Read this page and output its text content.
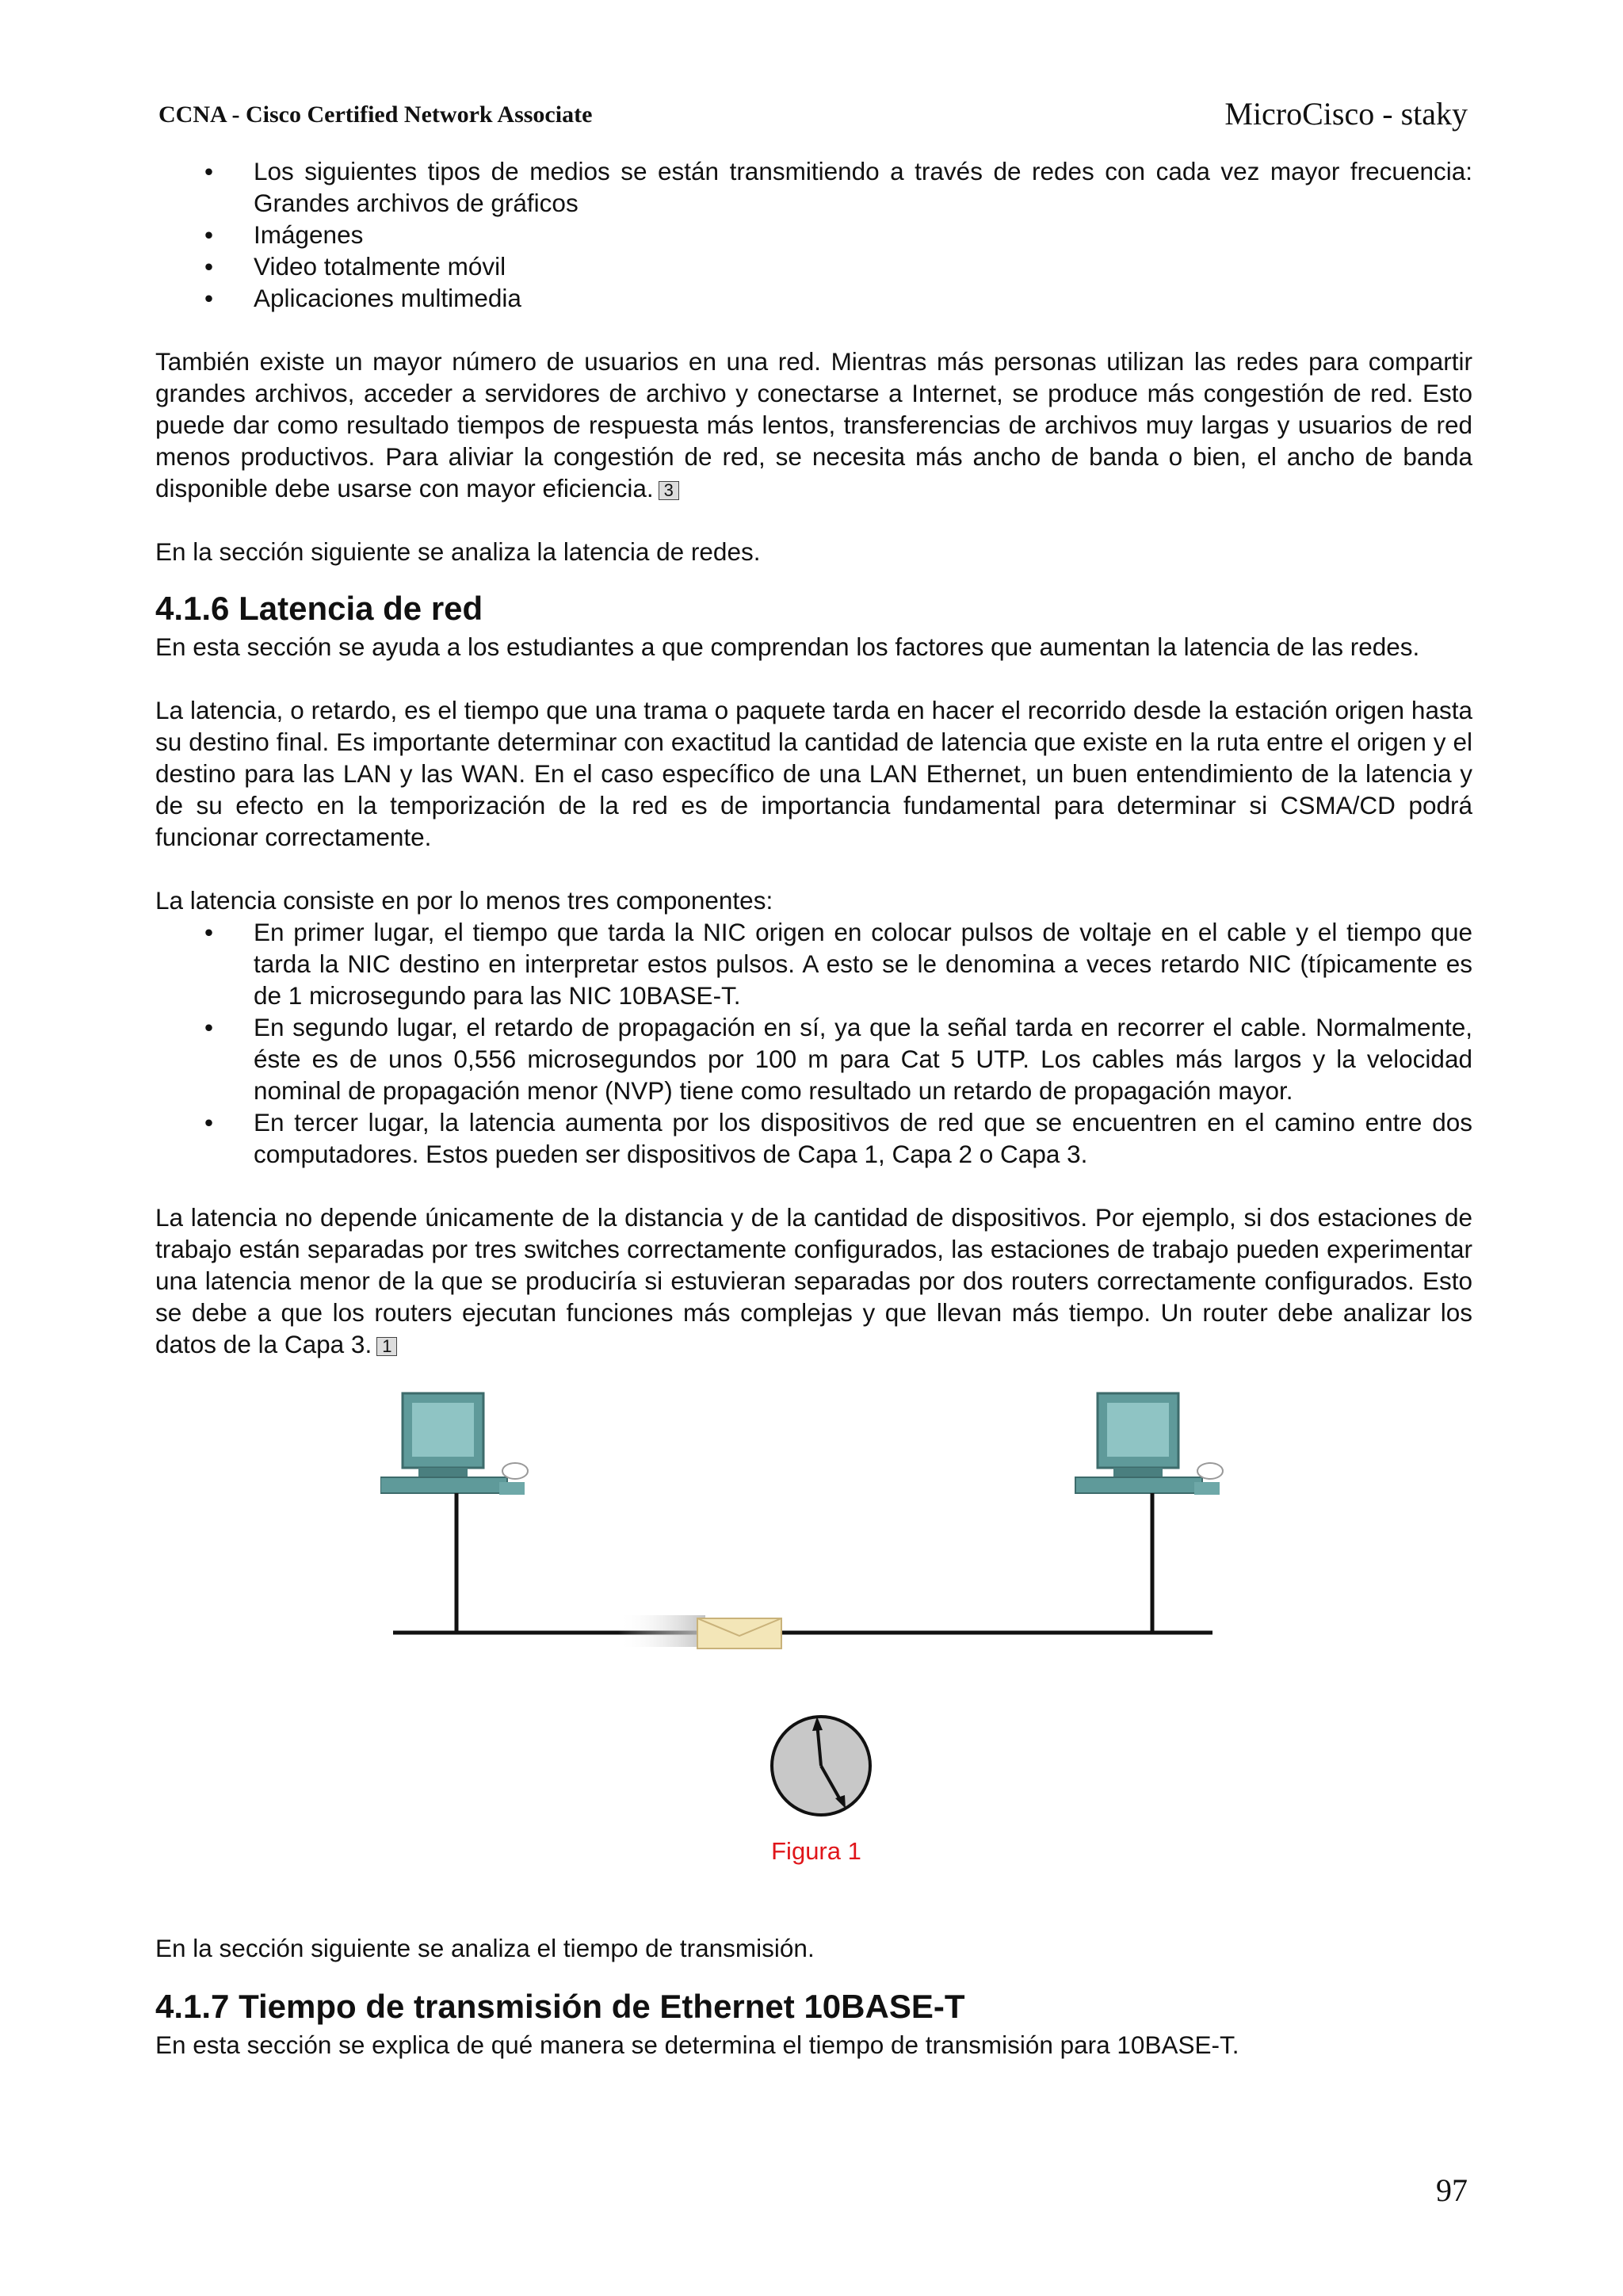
CCNA - Cisco Certified Network Associate	MicroCisco - staky
• Los siguientes tipos de medios se están transmitiendo a través de redes con cada vez mayor frecuencia: Grandes archivos de gráficos
• Imágenes
• Video totalmente móvil
• Aplicaciones multimedia

También existe un mayor número de usuarios en una red. Mientras más personas utilizan las redes para compartir grandes archivos, acceder a servidores de archivo y conectarse a Internet, se produce más congestión de red. Esto puede dar como resultado tiempos de respuesta más lentos, transferencias de archivos muy largas y usuarios de red menos productivos. Para aliviar la congestión de red, se necesita más ancho de banda o bien, el ancho de banda disponible debe usarse con mayor eficiencia. 3

En la sección siguiente se analiza la latencia de redes.

4.1.6 Latencia de red

En esta sección se ayuda a los estudiantes a que comprendan los factores que aumentan la latencia de las redes.

La latencia, o retardo, es el tiempo que una trama o paquete tarda en hacer el recorrido desde la estación origen hasta su destino final. Es importante determinar con exactitud la cantidad de latencia que existe en la ruta entre el origen y el destino para las LAN y las WAN. En el caso específico de una LAN Ethernet, un buen entendimiento de la latencia y de su efecto en la temporización de la red es de importancia fundamental para determinar si CSMA/CD podrá funcionar correctamente.

La latencia consiste en por lo menos tres componentes:

• En primer lugar, el tiempo que tarda la NIC origen en colocar pulsos de voltaje en el cable y el tiempo que tarda la NIC destino en interpretar estos pulsos. A esto se le denomina a veces retardo NIC (típicamente es de 1 microsegundo para las NIC 10BASE-T.
• En segundo lugar, el retardo de propagación en sí, ya que la señal tarda en recorrer el cable. Normalmente, éste es de unos 0,556 microsegundos por 100 m para Cat 5 UTP. Los cables más largos y la velocidad nominal de propagación menor (NVP) tiene como resultado un retardo de propagación mayor.
• En tercer lugar, la latencia aumenta por los dispositivos de red que se encuentren en el camino entre dos computadores. Estos pueden ser dispositivos de Capa 1, Capa 2 o Capa 3.

La latencia no depende únicamente de la distancia y de la cantidad de dispositivos. Por ejemplo, si dos estaciones de trabajo están separadas por tres switches correctamente configurados, las estaciones de trabajo pueden experimentar una latencia menor de la que se produciría si estuvieran separadas por dos routers correctamente configurados. Esto se debe a que los routers ejecutan funciones más complejas y que llevan más tiempo. Un router debe analizar los datos de la Capa 3. 1

Figura 1

En la sección siguiente se analiza el tiempo de transmisión.

4.1.7 Tiempo de transmisión de Ethernet 10BASE-T

En esta sección se explica de qué manera se determina el tiempo de transmisión para 10BASE-T.

97
